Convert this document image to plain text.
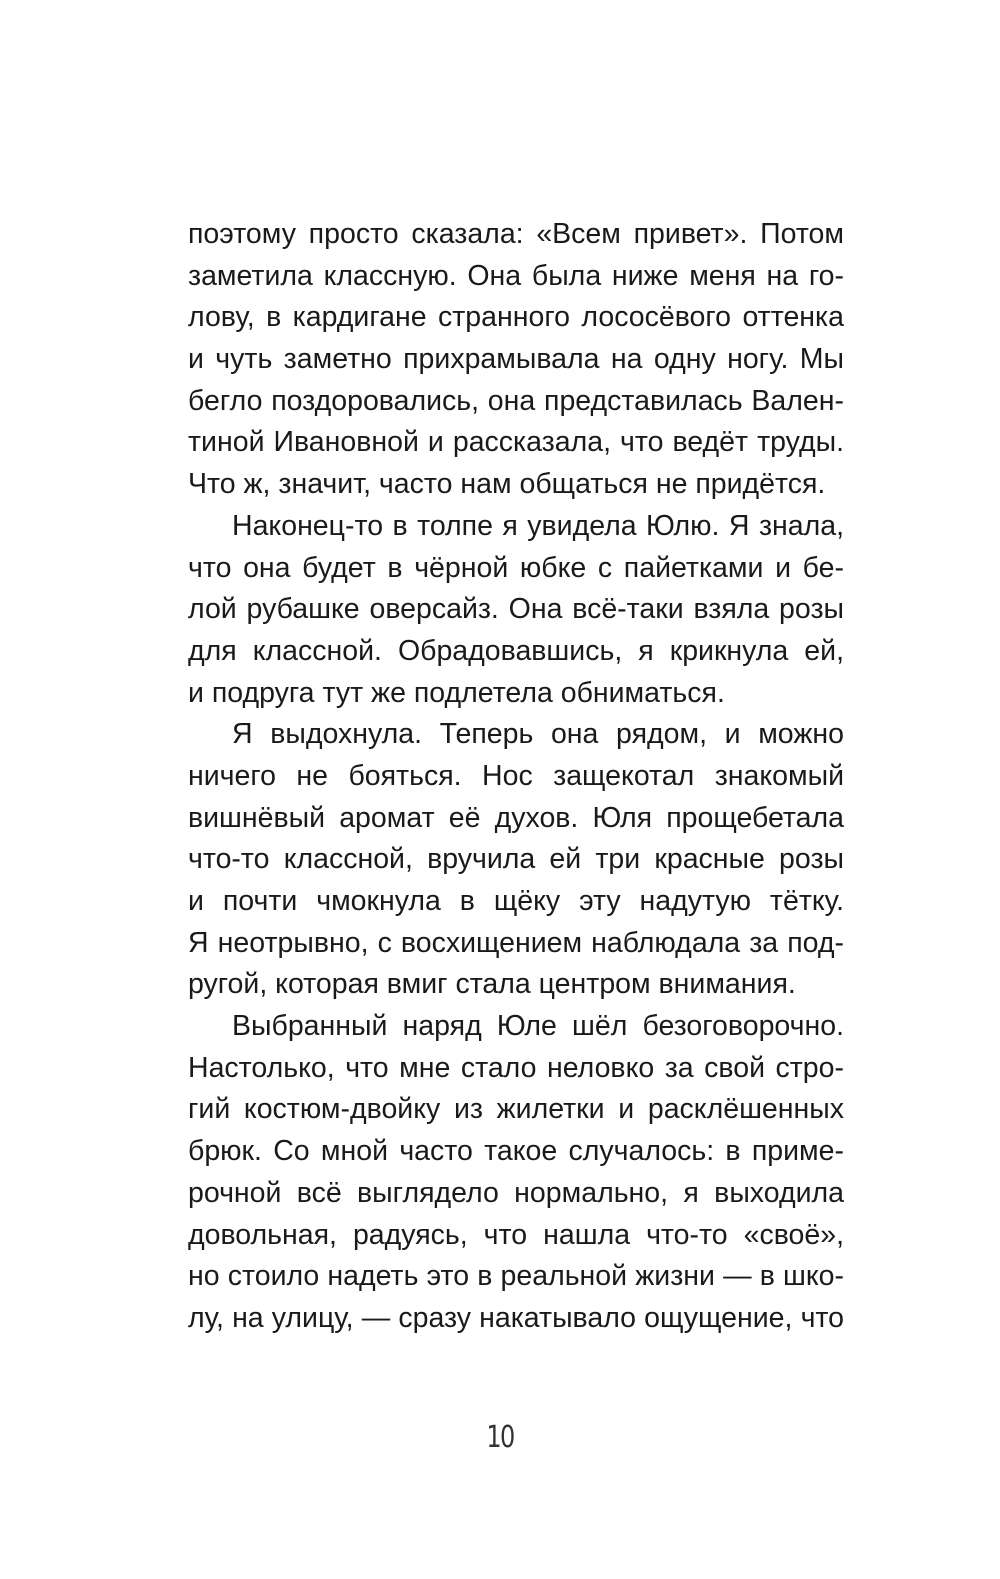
поэтому просто сказала: «Всем привет». Потом
заметила классную. Она была ниже меня на го-
лову, в кардигане странного лососёвого оттенка
и чуть заметно прихрамывала на одну ногу. Мы
бегло поздоровались, она представилась Вален-
тиной Ивановной и рассказала, что ведёт труды.
Что ж, значит, часто нам общаться не придётся.
Наконец-то в толпе я увидела Юлю. Я знала,
что она будет в чёрной юбке с пайетками и бе-
лой рубашке оверсайз. Она всё-таки взяла розы
для классной. Обрадовавшись, я крикнула ей,
и подруга тут же подлетела обниматься.
Я выдохнула. Теперь она рядом, и можно
ничего не бояться. Нос защекотал знакомый
вишнёвый аромат её духов. Юля прощебетала
что-то классной, вручила ей три красные розы
и почти чмокнула в щёку эту надутую тётку.
Я неотрывно, с восхищением наблюдала за под-
ругой, которая вмиг стала центром внимания.
Выбранный наряд Юле шёл безоговорочно.
Настолько, что мне стало неловко за свой стро-
гий костюм-двойку из жилетки и расклёшенных
брюк. Со мной часто такое случалось: в приме-
рочной всё выглядело нормально, я выходила
довольная, радуясь, что нашла что-то «своё»,
но стоило надеть это в реальной жизни — в шко-
лу, на улицу, — сразу накатывало ощущение, что
10
